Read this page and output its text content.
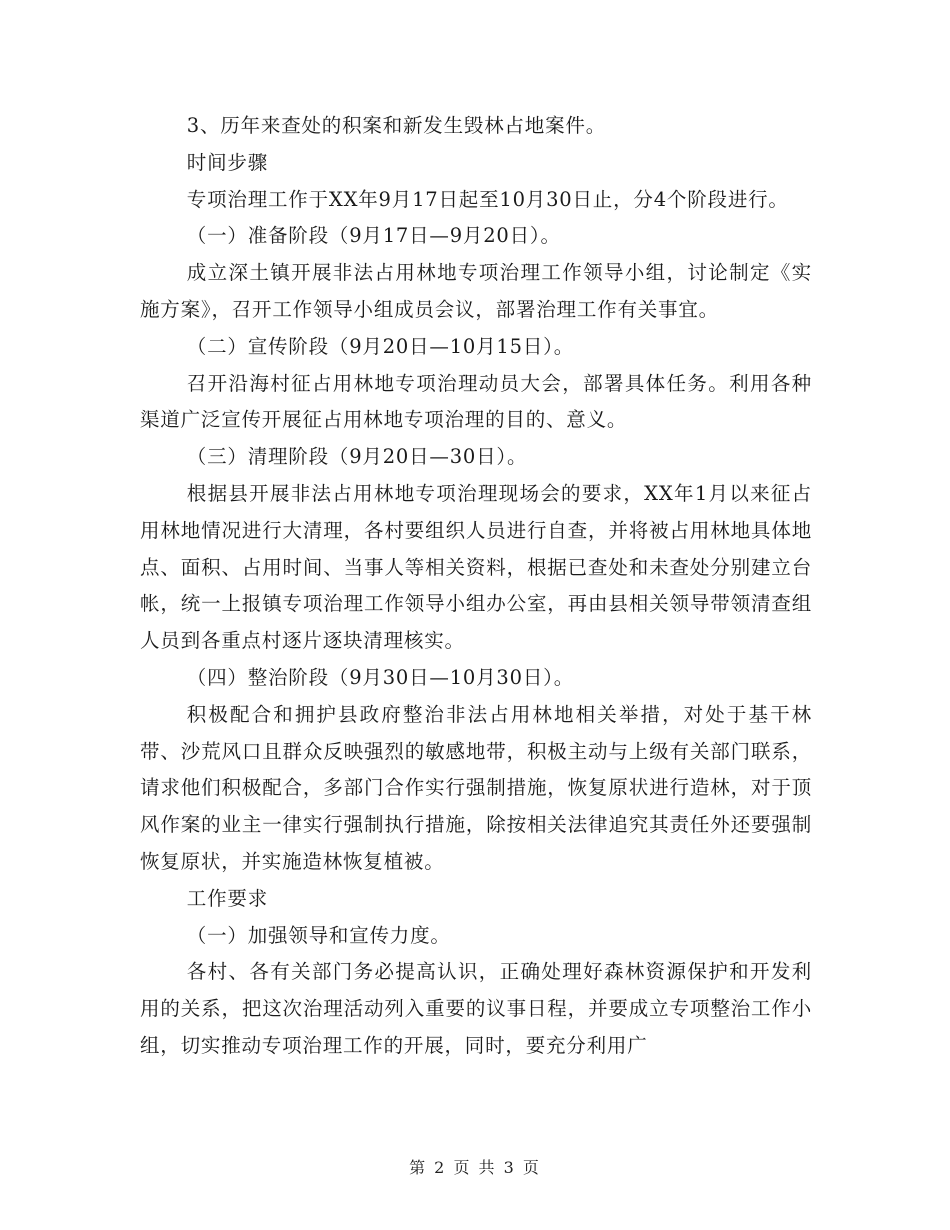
3、历年来查处的积案和新发生毁林占地案件。

时间步骤

专项治理工作于XX年9月17日起至10月30日止，分4个阶段进行。

（一）准备阶段（9月17日—9月20日）。

成立深土镇开展非法占用林地专项治理工作领导小组，讨论制定《实施方案》，召开工作领导小组成员会议，部署治理工作有关事宜。

（二）宣传阶段（9月20日—10月15日）。

召开沿海村征占用林地专项治理动员大会，部署具体任务。利用各种渠道广泛宣传开展征占用林地专项治理的目的、意义。

（三）清理阶段（9月20日—30日）。

根据县开展非法占用林地专项治理现场会的要求，XX年1月以来征占用林地情况进行大清理，各村要组织人员进行自查，并将被占用林地具体地点、面积、占用时间、当事人等相关资料，根据已查处和未查处分别建立台帐，统一上报镇专项治理工作领导小组办公室，再由县相关领导带领清查组人员到各重点村逐片逐块清理核实。

（四）整治阶段（9月30日—10月30日）。

积极配合和拥护县政府整治非法占用林地相关举措，对处于基干林带、沙荒风口且群众反映强烈的敏感地带，积极主动与上级有关部门联系，请求他们积极配合，多部门合作实行强制措施，恢复原状进行造林，对于顶风作案的业主一律实行强制执行措施，除按相关法律追究其责任外还要强制恢复原状，并实施造林恢复植被。

工作要求

（一）加强领导和宣传力度。

各村、各有关部门务必提高认识，正确处理好森林资源保护和开发利用的关系，把这次治理活动列入重要的议事日程，并要成立专项整治工作小组，切实推动专项治理工作的开展，同时，要充分利用广

第 2 页 共 3 页
